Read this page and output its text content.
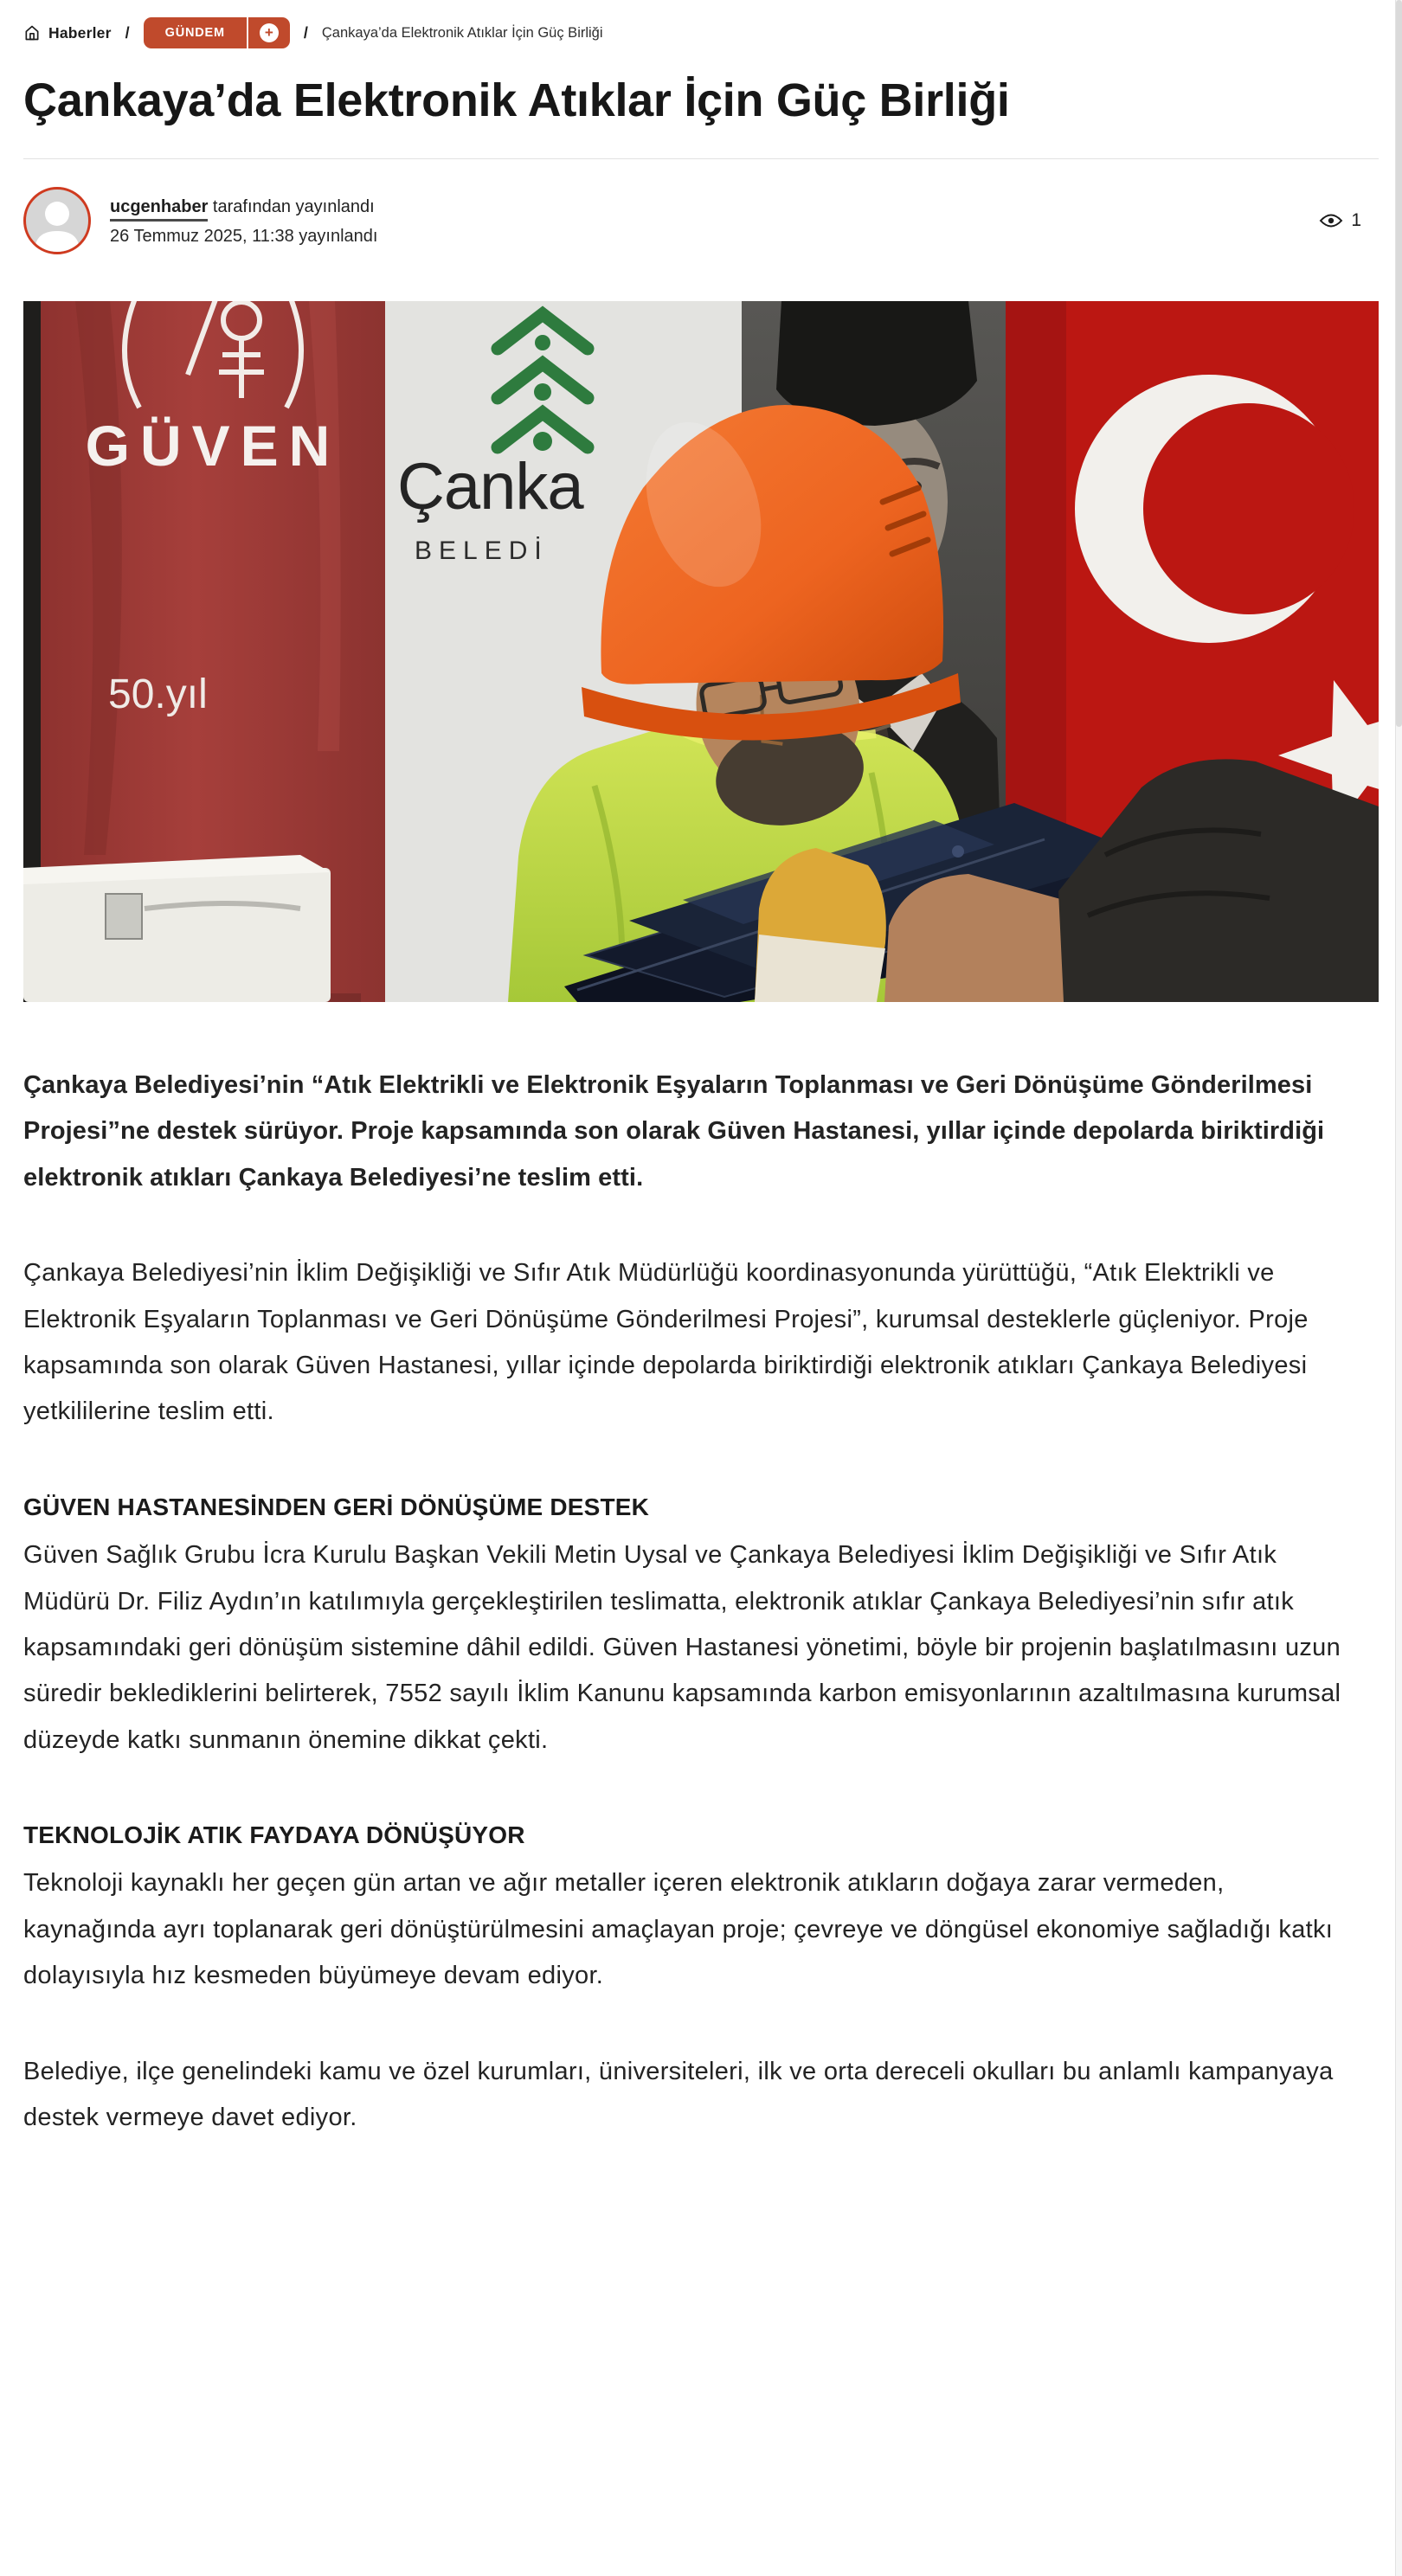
Haberler /	GÜNDEM	+	/ Çankaya’da Elektronik Atıklar İçin Güç Birliği
Çankaya’da Elektronik Atıklar İçin Güç Birliği
ucgenhaber tarafından yayınlandı
26 Temmuz 2025, 11:38 yayınlandı
1
GÜVEN
50.yıl
Çanka
BELEDİ

Çankaya Belediyesi’nin “Atık Elektrikli ve Elektronik Eşyaların Toplanması ve Geri Dönüşüme Gönderilmesi Projesi”ne destek sürüyor. Proje kapsamında son olarak Güven Hastanesi, yıllar içinde depolarda biriktirdiği elektronik atıkları Çankaya Belediyesi’ne teslim etti.

Çankaya Belediyesi’nin İklim Değişikliği ve Sıfır Atık Müdürlüğü koordinasyonunda yürüttüğü, “Atık Elektrikli ve Elektronik Eşyaların Toplanması ve Geri Dönüşüme Gönderilmesi Projesi”, kurumsal desteklerle güçleniyor. Proje kapsamında son olarak Güven Hastanesi, yıllar içinde depolarda biriktirdiği elektronik atıkları Çankaya Belediyesi yetkililerine teslim etti.

GÜVEN HASTANESİNDEN GERİ DÖNÜŞÜME DESTEK

Güven Sağlık Grubu İcra Kurulu Başkan Vekili Metin Uysal ve Çankaya Belediyesi İklim Değişikliği ve Sıfır Atık Müdürü Dr. Filiz Aydın’ın katılımıyla gerçekleştirilen teslimatta, elektronik atıklar Çankaya Belediyesi’nin sıfır atık kapsamındaki geri dönüşüm sistemine dâhil edildi. Güven Hastanesi yönetimi, böyle bir projenin başlatılmasını uzun süredir beklediklerini belirterek, 7552 sayılı İklim Kanunu kapsamında karbon emisyonlarının azaltılmasına kurumsal düzeyde katkı sunmanın önemine dikkat çekti.

TEKNOLOJİK ATIK FAYDAYA DÖNÜŞÜYOR

Teknoloji kaynaklı her geçen gün artan ve ağır metaller içeren elektronik atıkların doğaya zarar vermeden, kaynağında ayrı toplanarak geri dönüştürülmesini amaçlayan proje; çevreye ve döngüsel ekonomiye sağladığı katkı dolayısıyla hız kesmeden büyümeye devam ediyor.

Belediye, ilçe genelindeki kamu ve özel kurumları, üniversiteleri, ilk ve orta dereceli okulları bu anlamlı kampanyaya destek vermeye davet ediyor.
